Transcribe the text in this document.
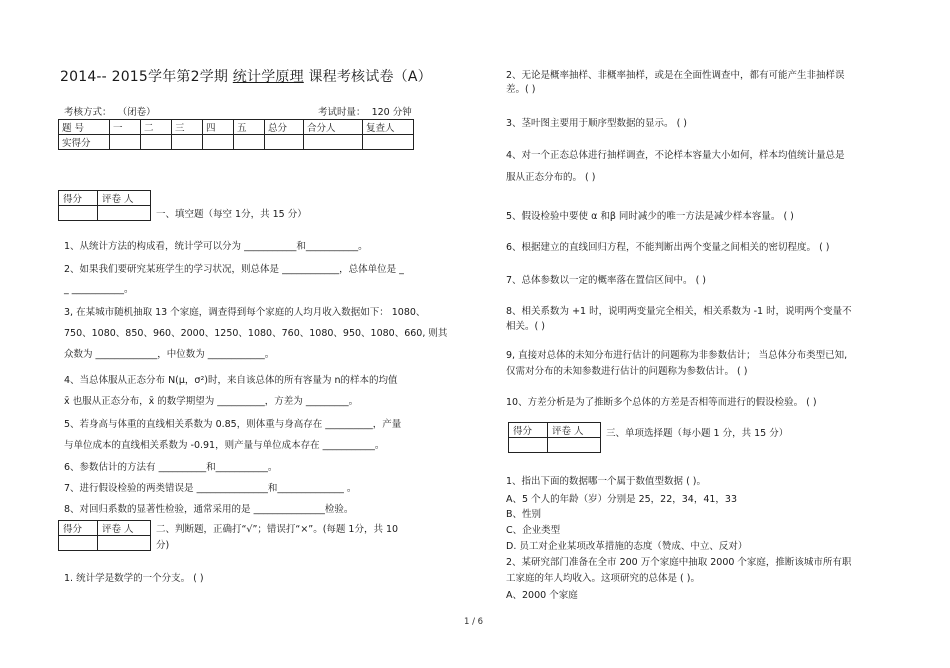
2014-- 2015学年第2学期 统计学原理 课程考核试卷（A）
考核方式： （闭卷）	考试时量： 120 分钟
题 号	一	二	三	四	五	总分	合分人	复查人
实得分								
得分	评卷 人

一、填空题（每空 1分，共 15 分）
1、从统计方法的构成看，统计学可以分为 ___________和___________。
2、如果我们要研究某班学生的学习状况，则总体是 ____________，总体单位是 _
_ ___________。
3, 在某城市随机抽取 13 个家庭，调查得到每个家庭的人均月收入数据如下： 1080、
750、1080、850、960、2000、1250、1080、760、1080、950、1080、660, 则其
众数为 _____________，中位数为 ____________。
4、当总体服从正态分布 N(μ，σ²)时，来自该总体的所有容量为 n的样本的均值
x̄ 也服从正态分布，x̄ 的数学期望为 __________，方差为 _________。
5、若身高与体重的直线相关系数为 0.85，则体重与身高存在 __________，产量
与单位成本的直线相关系数为 -0.91，则产量与单位成本存在 ___________。
6、参数估计的方法有 __________和___________。
7、进行假设检验的两类错误是 _______________和______________ 。
8、对回归系数的显著性检验，通常采用的是 _______________检验。
得分	评卷 人
	二、判断题，正确打“√”；错误打“×”。(每题 1分，共 10
分)
1. 统计学是数学的一个分支。 ( )
2、无论是概率抽样、非概率抽样，或是在全面性调查中，都有可能产生非抽样误
差。( )
3、茎叶图主要用于顺序型数据的显示。 ( )
4、对一个正态总体进行抽样调查，不论样本容量大小如何，样本均值统计量总是
服从正态分布的。 ( )
5、假设检验中要使 α 和β 同时减少的唯一方法是减少样本容量。 ( )
6、根据建立的直线回归方程，不能判断出两个变量之间相关的密切程度。 ( )
7、总体参数以一定的概率落在置信区间中。 ( )
8、相关系数为 +1 时，说明两变量完全相关，相关系数为 -1 时，说明两个变量不
相关。( )
9, 直接对总体的未知分布进行估计的问题称为非参数估计； 当总体分布类型已知,
仅需对分布的未知参数进行估计的问题称为参数估计。 ( )
10、方差分析是为了推断多个总体的方差是否相等而进行的假设检验。 ( )
得分	评卷 人
	三、单项选择题（每小题 1 分，共 15 分）
1、指出下面的数据哪一个属于数值型数据 ( )。
A、5 个人的年龄（岁）分别是 25，22，34，41，33
B、性别
C、企业类型
D. 员工对企业某项改革措施的态度（赞成、中立、反对）
2、某研究部门准备在全市 200 万个家庭中抽取 2000 个家庭，推断该城市所有职
工家庭的年人均收入。这项研究的总体是 ( )。
A、2000 个家庭
1 / 6
